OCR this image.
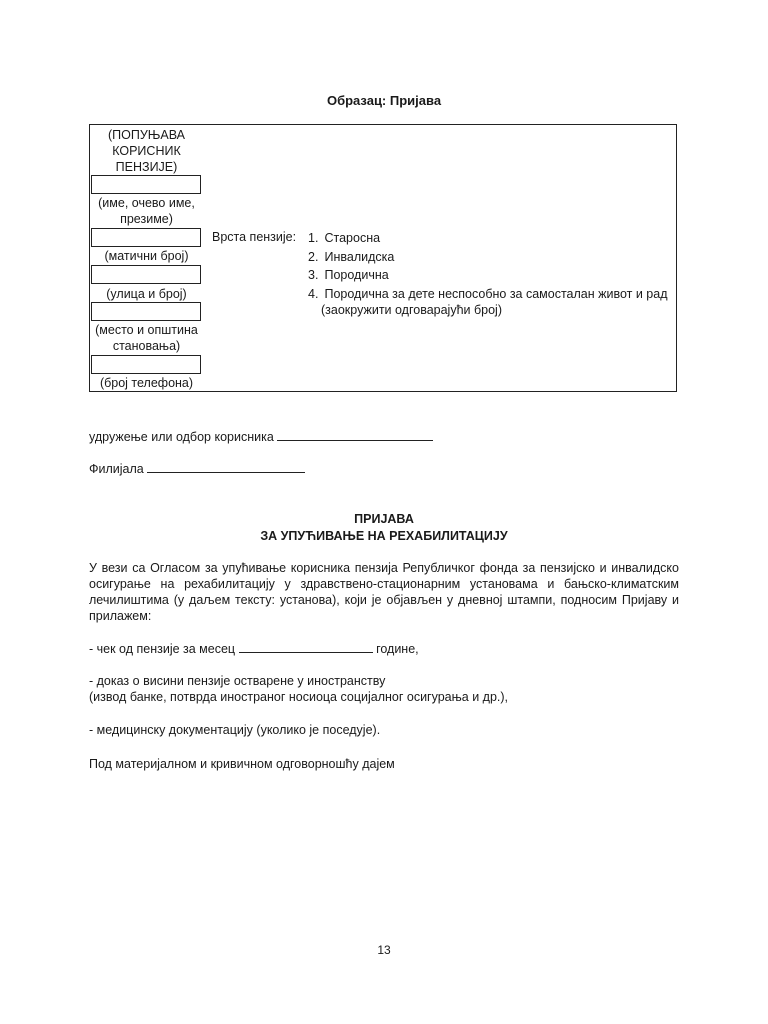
Образац: Пријава
(ПОПУЊАВА
КОРИСНИК
ПЕНЗИЈЕ)
(име, очево име,
презиме)
(матични број)
(улица и број)
(место и општина
становања)
(број телефона)
Врста пензије: 1. Старосна
2. Инвалидска
3. Породична
4. Породична за дете неспособно за самосталан живот и рад
(заокружити одговарајући број)
удружење или одбор корисника
Филијала
ПРИЈАВА
ЗА УПУЋИВАЊЕ НА РЕХАБИЛИТАЦИЈУ
У вези са Огласом за упућивање корисника пензија Републичког фонда за пензијско и инвалидско осигурање на рехабилитацију у здравствено-стационарним установама и бањско-климатским лечилиштима (у даљем тексту: установа), који је објављен у дневној штампи, подносим Пријаву и прилажем:
- чек од пензије за месец	године,
- доказ о висини пензије остварене у иностранству
(извод банке, потврда иностраног носиоца социјалног осигурања и др.),
- медицинску документацију (уколико је поседује).
Под материјалном и кривичном одговорношћу дајем
13
